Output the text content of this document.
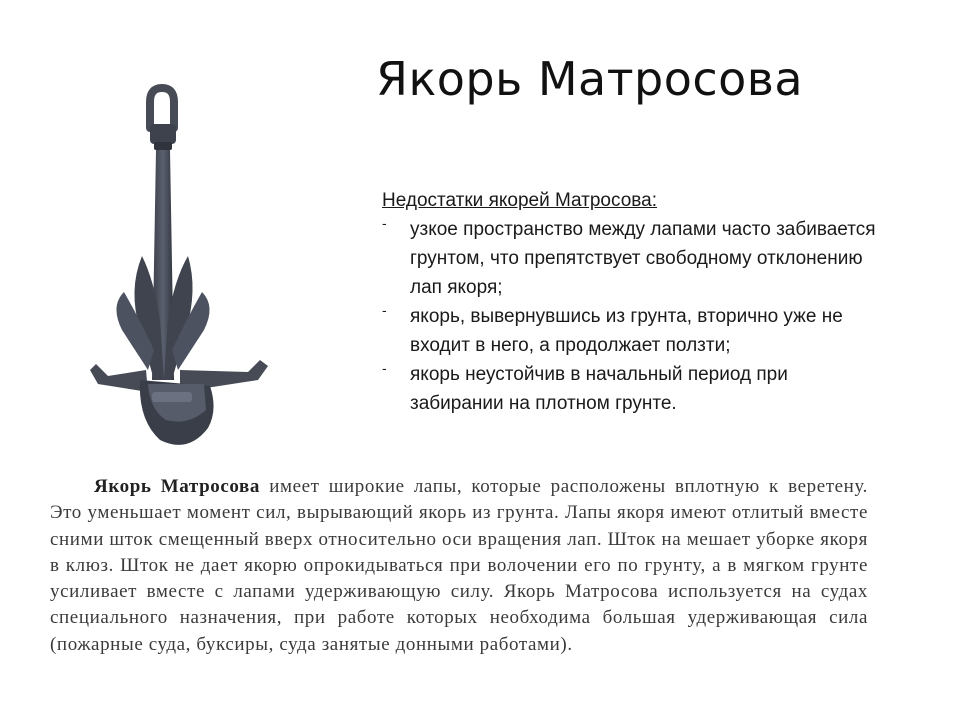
Якорь Матросова

Недостатки якорей Матросова:

- узкое пространство между лапами часто забивается грунтом, что препятствует свободному отклонению лап якоря;
- якорь, вывернувшись из грунта, вторично уже не входит в него, а продолжает ползти;
- якорь неустойчив в начальный период при забирании на плотном грунте.

Якорь Матросова имеет широкие лапы, которые расположены вплотную к веретену. Это уменьшает момент сил, вырывающий якорь из грунта. Лапы якоря имеют отлитый вместе сними шток смещенный вверх относительно оси вращения лап. Шток на мешает уборке якоря в клюз. Шток не дает якорю опрокидываться при волочении его по грунту, а в мягком грунте усиливает вместе с лапами удерживающую силу. Якорь Матросова используется на судах специального назначения, при работе которых необходима большая удерживающая сила (пожарные суда, буксиры, суда занятые донными работами).
